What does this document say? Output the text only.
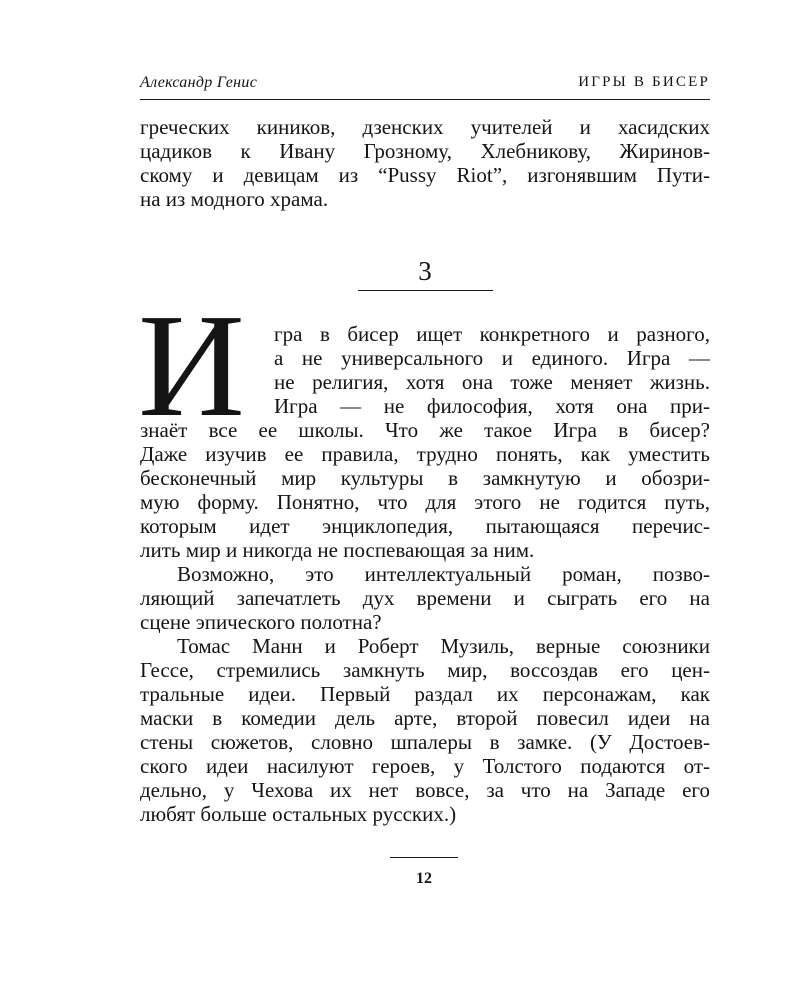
Александр Генис	ИГРЫ В БИСЕР
греческих киников, дзенских учителей и хасидских
цадиков к Ивану Грозному, Хлебникову, Жиринов-
скому и девицам из “Pussy Riot”, изгонявшим Пути-
на из модного храма.
3
И	гра в бисер ищет конкретного и разного,
а не универсального и единого. Игра —
не религия, хотя она тоже меняет жизнь.
Игра — не философия, хотя она при-
знаёт все ее школы. Что же такое Игра в бисер?
Даже изучив ее правила, трудно понять, как уместить
бесконечный мир культуры в замкнутую и обозри-
мую форму. Понятно, что для этого не годится путь,
которым идет энциклопедия, пытающаяся перечис-
лить мир и никогда не поспевающая за ним.
Возможно, это интеллектуальный роман, позво-
ляющий запечатлеть дух времени и сыграть его на
сцене эпического полотна?
Томас Манн и Роберт Музиль, верные союзники
Гессе, стремились замкнуть мир, воссоздав его цен-
тральные идеи. Первый раздал их персонажам, как
маски в комедии дель арте, второй повесил идеи на
стены сюжетов, словно шпалеры в замке. (У Достоев-
ского идеи насилуют героев, у Толстого подаются от-
дельно, у Чехова их нет вовсе, за что на Западе его
любят больше остальных русских.)
12
